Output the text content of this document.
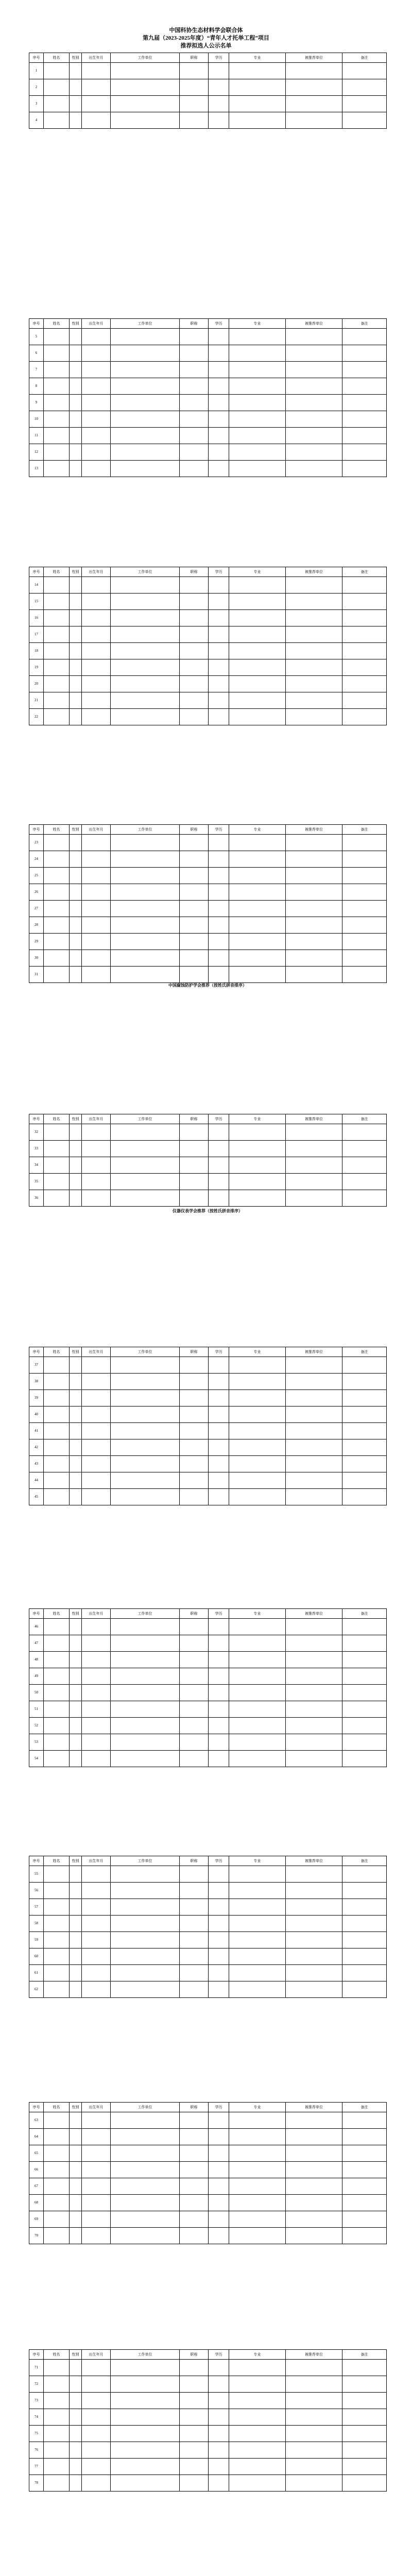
中国科协生态材料学会联合体
第九届（2023-2025年度）“青年人才托举工程”项目
推荐拟选人公示名单
序号	姓名	性别	出生年月	工作单位	职称	学历	专业	被推荐单位	备注
1									
2									
3									
4									
序号	姓名	性别	出生年月	工作单位	职称	学历	专业	被推荐单位	备注
5									
6									
7									
8									
9									
10									
11									
12									
13									
序号	姓名	性别	出生年月	工作单位	职称	学历	专业	被推荐单位	备注
14									
15									
16									
17									
18									
19									
20									
21									
22									
序号	姓名	性别	出生年月	工作单位	职称	学历	专业	被推荐单位	备注
23									
24									
25									
26									
27									
28									
29									
30									
31									
中国腐蚀防护学会推荐（按姓氏拼音排序）
序号	姓名	性别	出生年月	工作单位	职称	学历	专业	被推荐单位	备注
32									
33									
34									
35									
36									
仪器仪表学会推荐（按姓氏拼音排序）
序号	姓名	性别	出生年月	工作单位	职称	学历	专业	被推荐单位	备注
37									
38									
39									
40									
41									
42									
43									
44									
45									
序号	姓名	性别	出生年月	工作单位	职称	学历	专业	被推荐单位	备注
46									
47									
48									
49									
50									
51									
52									
53									
54									
序号	姓名	性别	出生年月	工作单位	职称	学历	专业	被推荐单位	备注
55									
56									
57									
58									
59									
60									
61									
62									
序号	姓名	性别	出生年月	工作单位	职称	学历	专业	被推荐单位	备注
63									
64									
65									
66									
67									
68									
69									
70									
序号	姓名	性别	出生年月	工作单位	职称	学历	专业	被推荐单位	备注
71									
72									
73									
74									
75									
76									
77									
78									
